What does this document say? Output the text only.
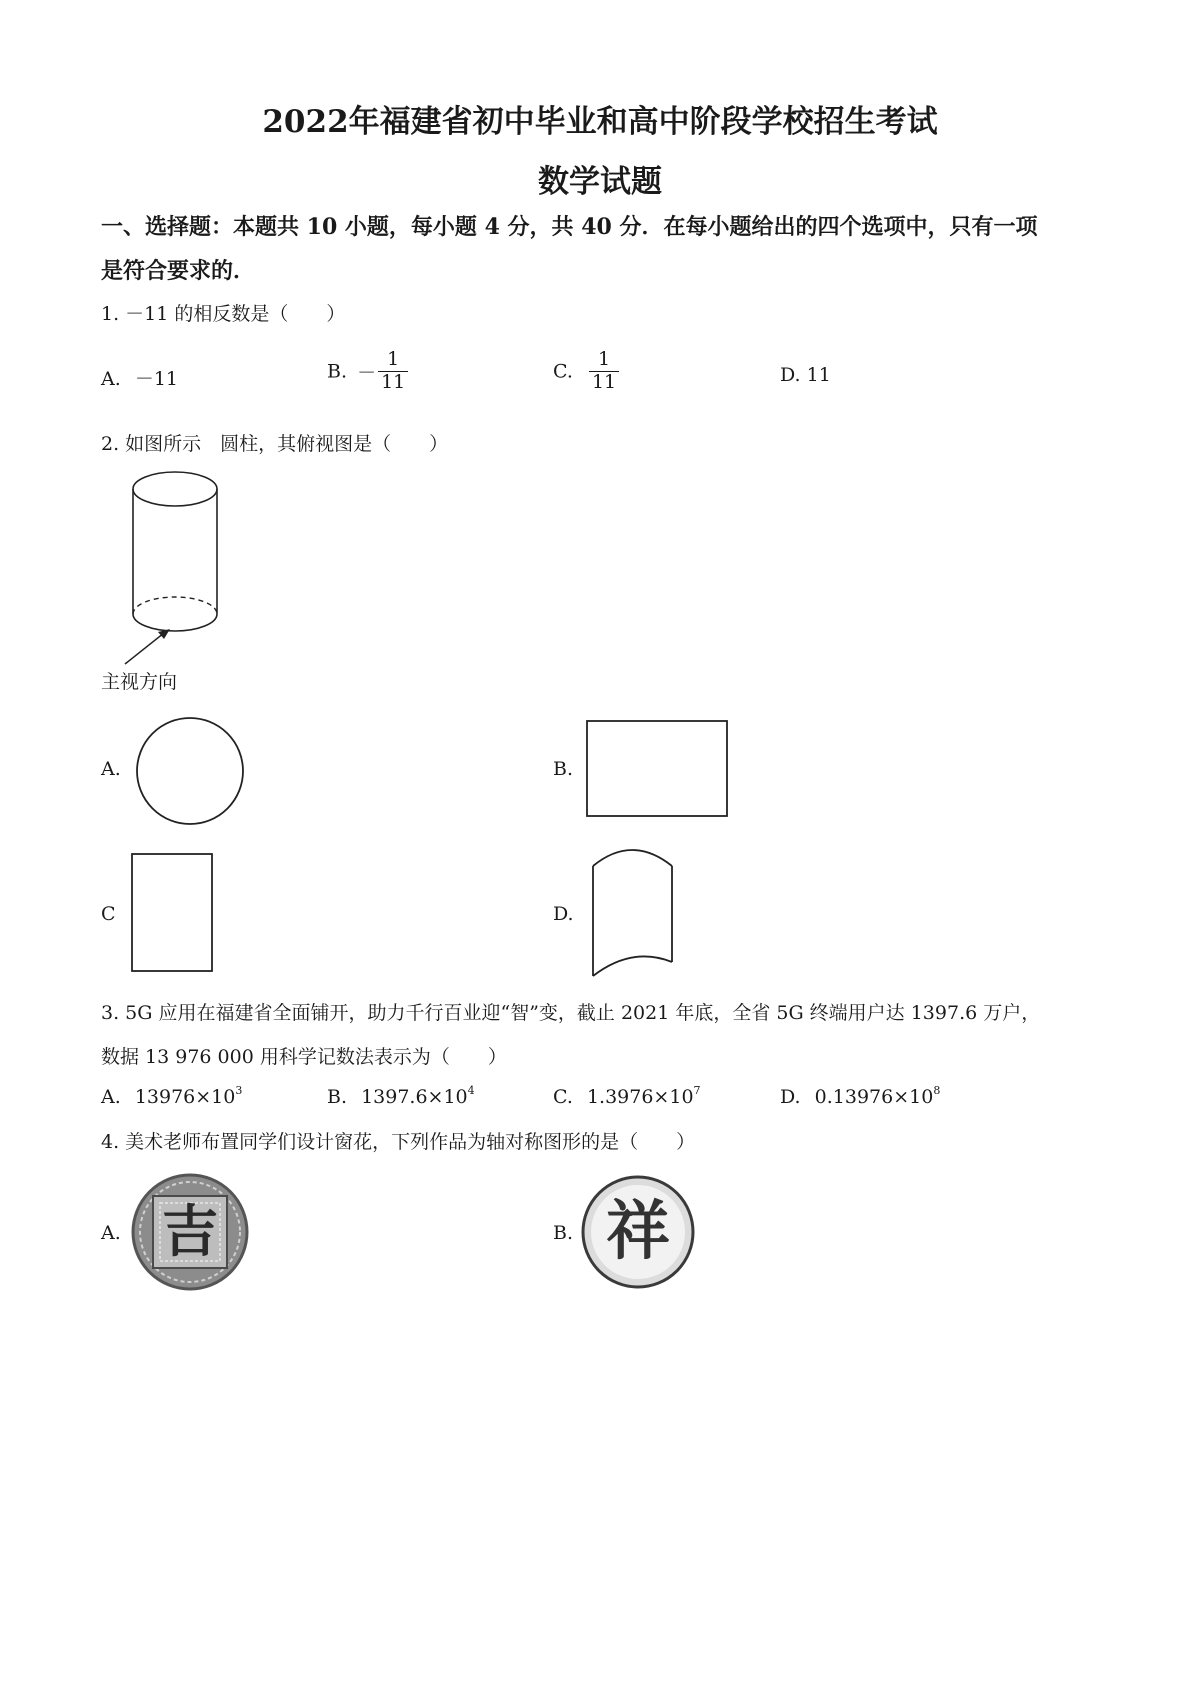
2022年福建省初中毕业和高中阶段学校招生考试
数学试题
一、选择题：本题共 10 小题，每小题 4 分，共 40 分．在每小题给出的四个选项中，只有一项
是符合要求的．
1. －11 的相反数是（　　）
A. －11	B. － $\frac{1}{11}$	C. $\frac{1}{11}$	D. 11
2. 如图所示　圆柱，其俯视图是（　　）
主视方向
A.	B.
C	D.
3. 5G 应用在福建省全面铺开，助力千行百业迎“智”变，截止 2021 年底，全省 5G 终端用户达 1397.6 万户，
数据 13 976 000 用科学记数法表示为（　　）
A. $13976\times 10^3$	B. $1397.6\times 10^4$	C. $1.3976\times 10^7$	D. $0.13976\times 10^8$
4. 美术老师布置同学们设计窗花，下列作品为轴对称图形的是（　　）
A. 吉	B. 祥
